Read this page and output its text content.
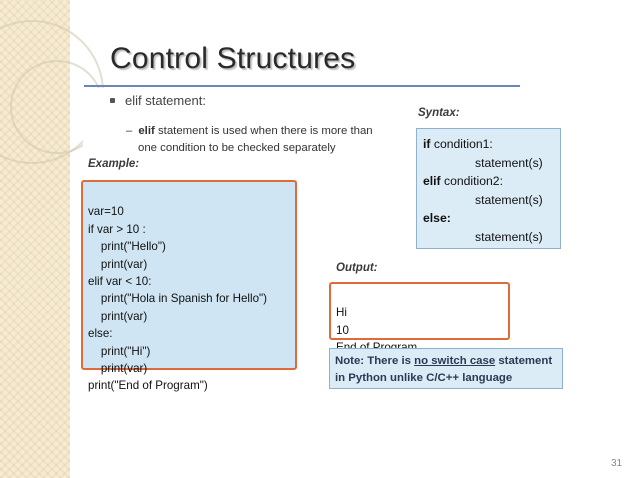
Control Structures
elif statement:
– elif statement is used when there is more than
one condition to be checked separately
Example:

var=10
if var > 10 :
print("Hello")
print(var)
elif var < 10:
print("Hola in Spanish for Hello")
print(var)
else:
print("Hi")
print(var)
print("End of Program")
Syntax:
if condition1:
statement(s)
elif condition2:
statement(s)
else:
statement(s)
Output:

Hi
10

Note: There is no switch case statement in Python unlike C/C++ language
31
